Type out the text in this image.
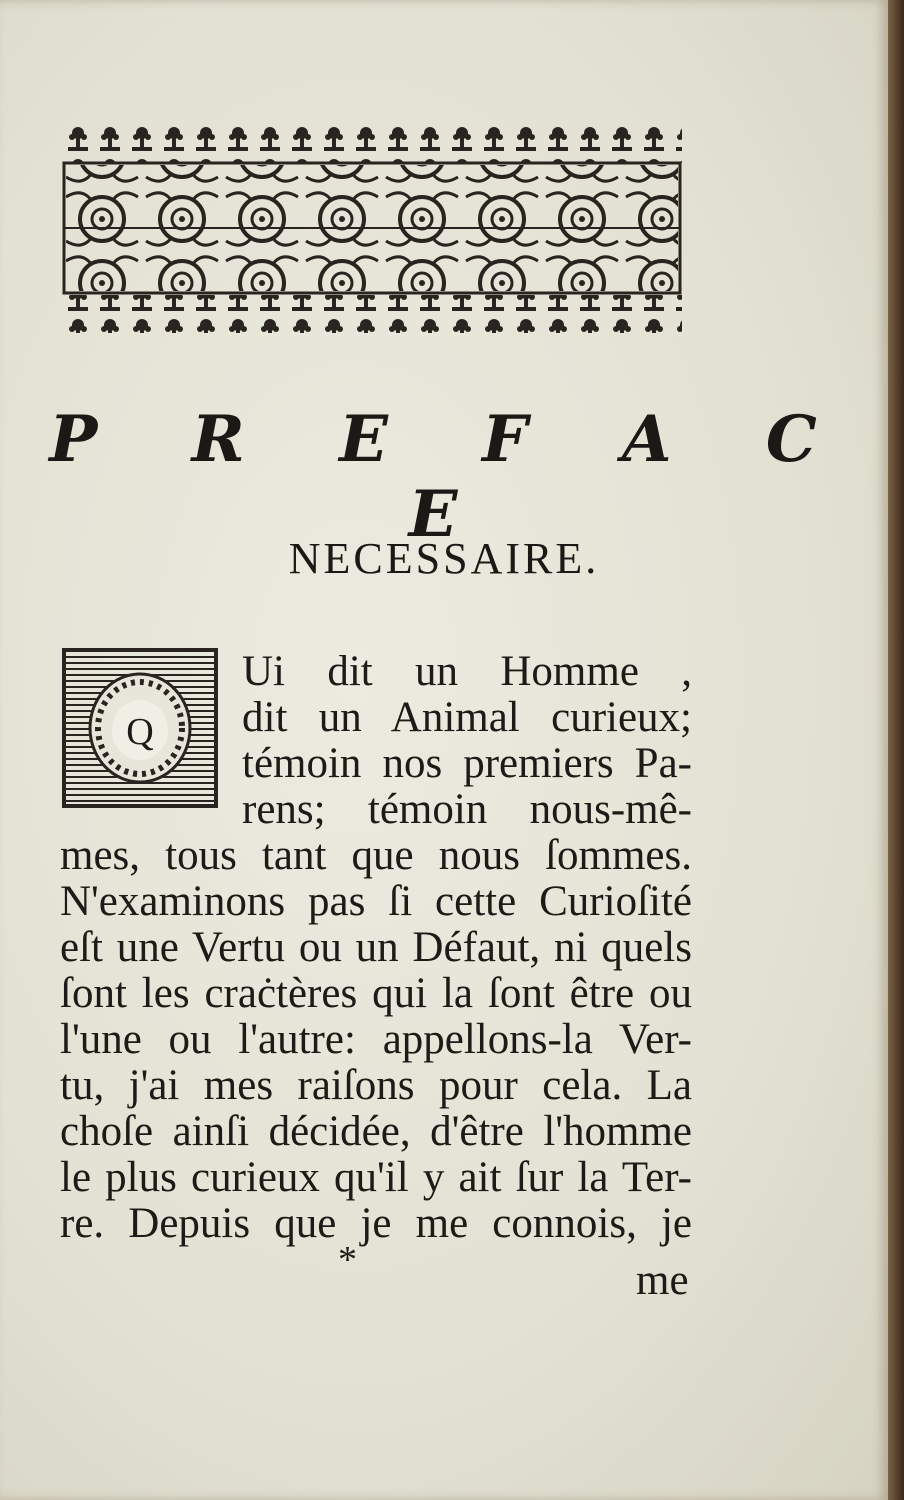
P R E F A C E
NECESSAIRE.
Q
Ui dit un Homme ,
dit un Animal curieux;
témoin nos premiers Pa-
rens; témoin nous-mê-
mes, tous tant que nous ſommes.
N'examinons pas ſi cette Curioſité
eſt une Vertu ou un Défaut, ni quels
ſont les craċtères qui la ſont être ou
l'une ou l'autre: appellons-la Ver-
tu, j'ai mes raiſons pour cela. La
choſe ainſi décidée, d'être l'homme
le plus curieux qu'il y ait ſur la Ter-
re. Depuis que je me connois, je
*	me
